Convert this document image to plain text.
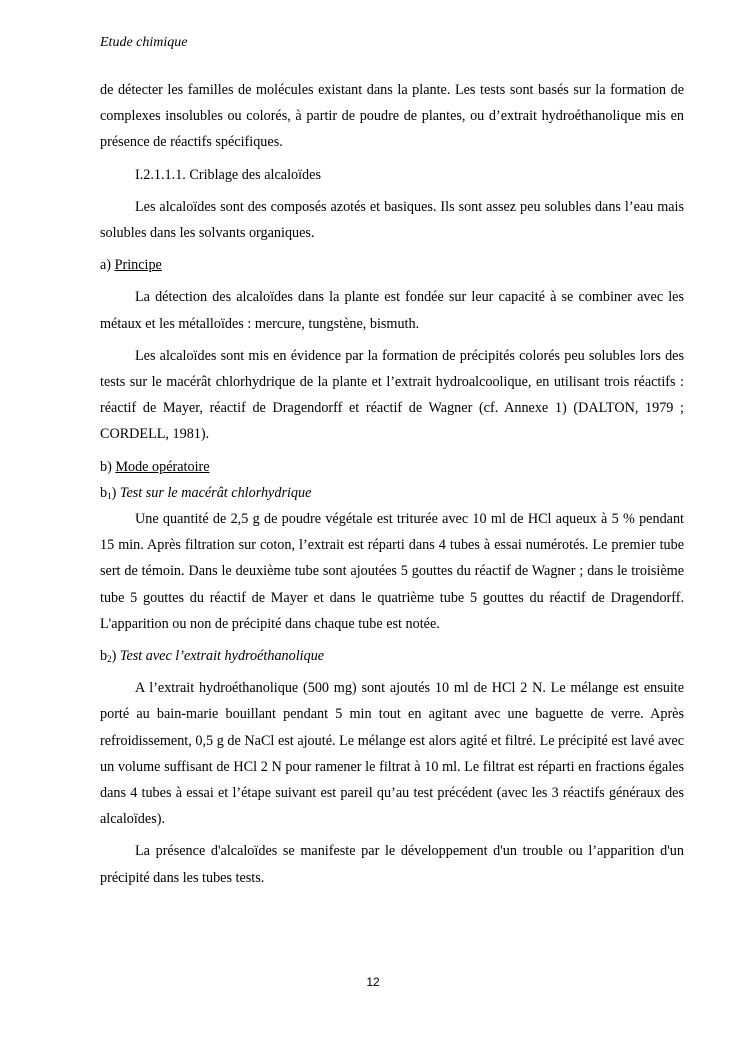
Etude chimique

de détecter les familles de molécules existant dans la plante. Les tests sont basés sur la formation de complexes insolubles ou colorés, à partir de poudre de plantes, ou d’extrait hydroéthanolique mis en présence de réactifs spécifiques.

I.2.1.1.1. Criblage des alcaloïdes

Les alcaloïdes sont des composés azotés et basiques. Ils sont assez peu solubles dans l’eau mais solubles dans les solvants organiques.

a) Principe

La détection des alcaloïdes dans la plante est fondée sur leur capacité à se combiner avec les métaux et les métalloïdes : mercure, tungstène, bismuth.

Les alcaloïdes sont mis en évidence par la formation de précipités colorés peu solubles lors des tests sur le macérât chlorhydrique de la plante et l’extrait hydroalcoolique, en utilisant trois réactifs : réactif de Mayer, réactif de Dragendorff et réactif de Wagner (cf. Annexe 1) (DALTON, 1979 ; CORDELL, 1981).

b) Mode opératoire

$b_1$) Test sur le macérât chlorhydrique

Une quantité de 2,5 g de poudre végétale est triturée avec 10 ml de HCl aqueux à 5 % pendant 15 min. Après filtration sur coton, l’extrait est réparti dans 4 tubes à essai numérotés. Le premier tube sert de témoin. Dans le deuxième tube sont ajoutées 5 gouttes du réactif de Wagner ; dans le troisième tube 5 gouttes du réactif de Mayer et dans le quatrième tube 5 gouttes du réactif de Dragendorff. L'apparition ou non de précipité dans chaque tube est notée.

$b_2$) Test avec l’extrait hydroéthanolique

A l’extrait hydroéthanolique (500 mg) sont ajoutés 10 ml de HCl 2 N. Le mélange est ensuite porté au bain-marie bouillant pendant 5 min tout en agitant avec une baguette de verre. Après refroidissement, 0,5 g de NaCl est ajouté. Le mélange est alors agité et filtré. Le précipité est lavé avec un volume suffisant de HCl 2 N pour ramener le filtrat à 10 ml. Le filtrat est réparti en fractions égales dans 4 tubes à essai et l’étape suivant est pareil qu’au test précédent (avec les 3 réactifs généraux des alcaloïdes).

La présence d'alcaloïdes se manifeste par le développement d'un trouble ou l’apparition d'un précipité dans les tubes tests.

12
